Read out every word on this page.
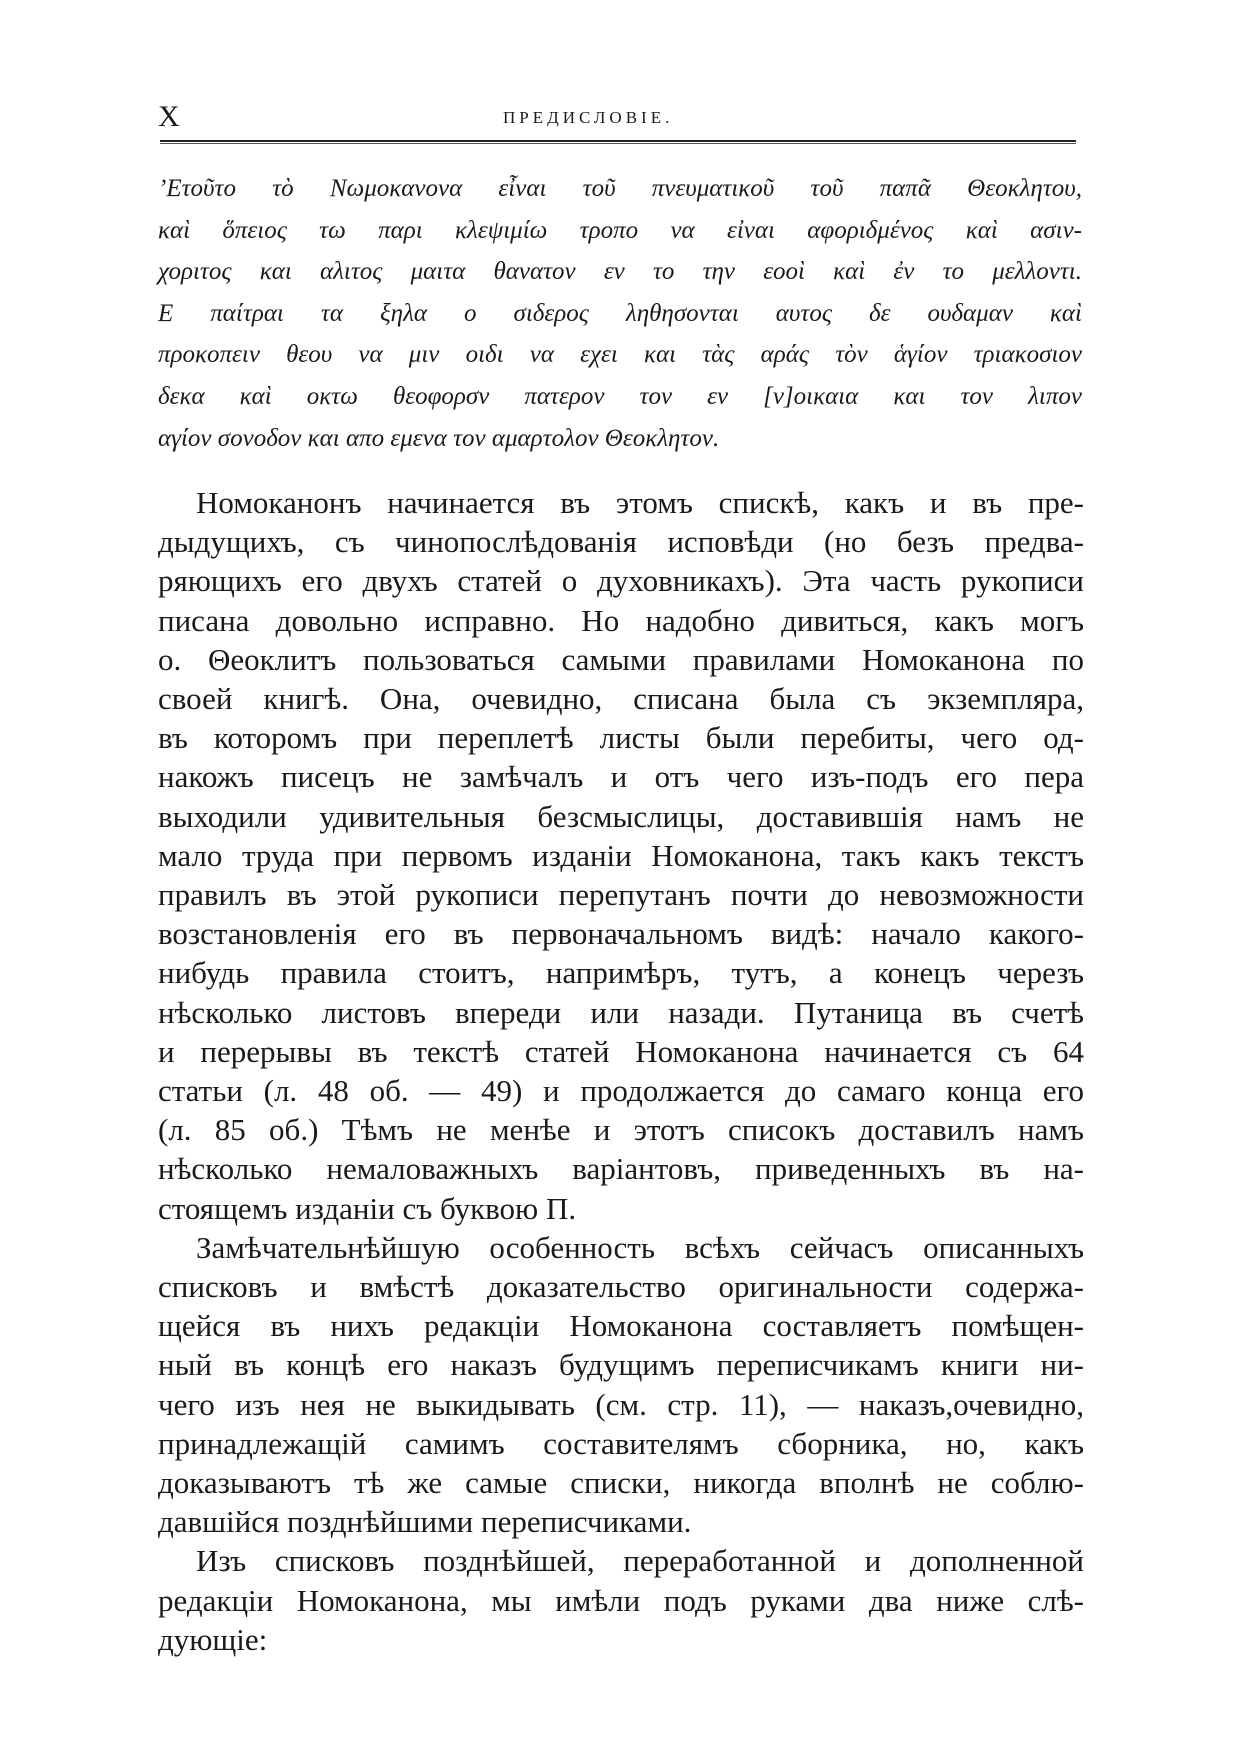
X	ПРЕДИСЛОВІЕ.
’Ετοῦτο τὸ Νωμοκανονα εἶναι τοῦ πνευματικοῦ τοῦ παπᾶ Θεοκλητου,
καὶ ὅπειος τω παρι κλεψιμίω τροπο να εἰναι αφοριδμένος καὶ ασιν-
χοριτος και αλιτος μαιτα θανατον εν το την εοοὶ καὶ ἐν το μελλοντι.
Ε παίτραι τα ξηλα ο σιδερος ληθησονται αυτος δε ουδαμαν καὶ
προκοπειν θεου να μιν οιδι να εχει και τὰς αράς τὸν ἁγίον τριακοσιον
δεκα καὶ οκτω θεοφορσν πατερον τον εν [ν]οικαια και τον λιπον
αγίον σονοδον και απο εμενα τον αμαρτολον Θεοκλητον.
Номоканонъ начинается въ этомъ спискѣ, какъ и въ пре-
дыдущихъ, съ чинопослѣдованія исповѣди (но безъ предва-
ряющихъ его двухъ статей о духовникахъ). Эта часть рукописи
писана довольно исправно. Но надобно дивиться, какъ могъ
о. Θеоклитъ пользоваться самыми правилами Номоканона по
своей книгѣ. Она, очевидно, списана была съ экземпляра,
въ которомъ при переплетѣ листы были перебиты, чего од-
накожъ писецъ не замѣчалъ и отъ чего изъ-подъ его пера
выходили удивительныя безсмыслицы, доставившія намъ не
мало труда при первомъ изданіи Номоканона, такъ какъ текстъ
правилъ въ этой рукописи перепутанъ почти до невозможности
возстановленія его въ первоначальномъ видѣ: начало какого-
нибудь правила стоитъ, напримѣръ, тутъ, а конецъ черезъ
нѣсколько листовъ впереди или назади. Путаница въ счетѣ
и перерывы въ текстѣ статей Номоканона начинается съ 64
статьи (л. 48 об. — 49) и продолжается до самаго конца его
(л. 85 об.) Тѣмъ не менѣе и этотъ списокъ доставилъ намъ
нѣсколько немаловажныхъ варіантовъ, приведенныхъ въ на-
стоящемъ изданіи съ буквою П.
Замѣчательнѣйшую особенность всѣхъ сейчасъ описанныхъ
списковъ и вмѣстѣ доказательство оригинальности содержа-
щейся въ нихъ редакціи Номоканона составляетъ помѣщен-
ный въ концѣ его наказъ будущимъ переписчикамъ книги ни-
чего изъ нея не выкидывать (см. стр. 11), — наказъ,очевидно,
принадлежащій самимъ составителямъ сборника, но, какъ
доказываютъ тѣ же самые списки, никогда вполнѣ не соблю-
давшійся позднѣйшими переписчиками.
Изъ списковъ позднѣйшей, переработанной и дополненной
редакціи Номоканона, мы имѣли подъ руками два ниже слѣ-
дующіе:
